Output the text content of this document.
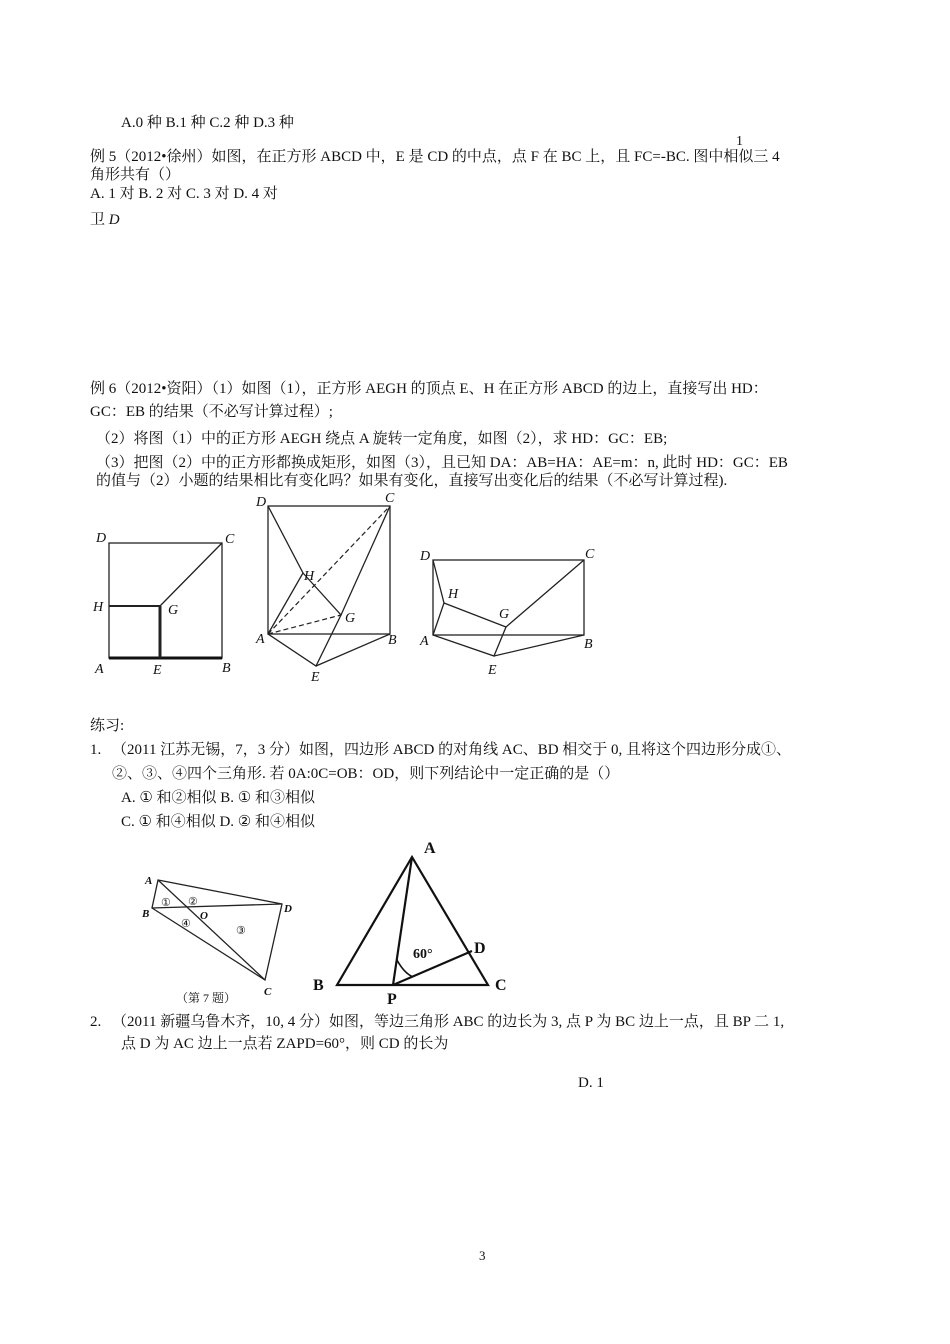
A.0 种 B.1 种 C.2 种 D.3 种
1
例 5（2012•徐州）如图，在正方形 ABCD 中，E 是 CD 的中点，点 F 在 BC 上，且 FC=-BC. 图中相似三 4
角形共有（）
A. 1 对 B. 2 对 C. 3 对 D. 4 对
卫 D
例 6（2012•资阳）（1）如图（1），正方形 AEGH 的顶点 E、H 在正方形 ABCD 的边上，直接写出 HD：
GC：EB 的结果（不必写计算过程）;
（2）将图（1）中的正方形 AEGH 绕点 A 旋转一定角度，如图（2），求 HD：GC：EB;
（3）把图（2）中的正方形都换成矩形，如图（3），且已知 DA：AB=HA：AE=m：n, 此时 HD：GC：EB
的值与（2）小题的结果相比有变化吗？如果有变化，直接写出变化后的结果（不必写计算过程).
D	C
H	G
A	E	B
D	C
H
G
A	B
E
D	C
H
G
A	B
E
练习:
1. （2011 江苏无锡，7，3 分）如图，四边形 ABCD 的对角线 AC、BD 相交于 0, 且将这个四边形分成①、
②、③、④四个三角形. 若 0A:0C=OB：OD，则下列结论中一定正确的是（）
A. ① 和②相似 B. ① 和③相似
C. ① 和④相似 D. ② 和④相似
A
B	D
O
C
① ②
④
③
（第 7 题）
A
B	C
D
P
60°
2. （2011 新疆乌鲁木齐，10, 4 分）如图，等边三角形 ABC 的边长为 3, 点 P 为 BC 边上一点，且 BP 二 1,
点 D 为 AC 边上一点若 ZAPD=60°，则 CD 的长为
D. 1
3
